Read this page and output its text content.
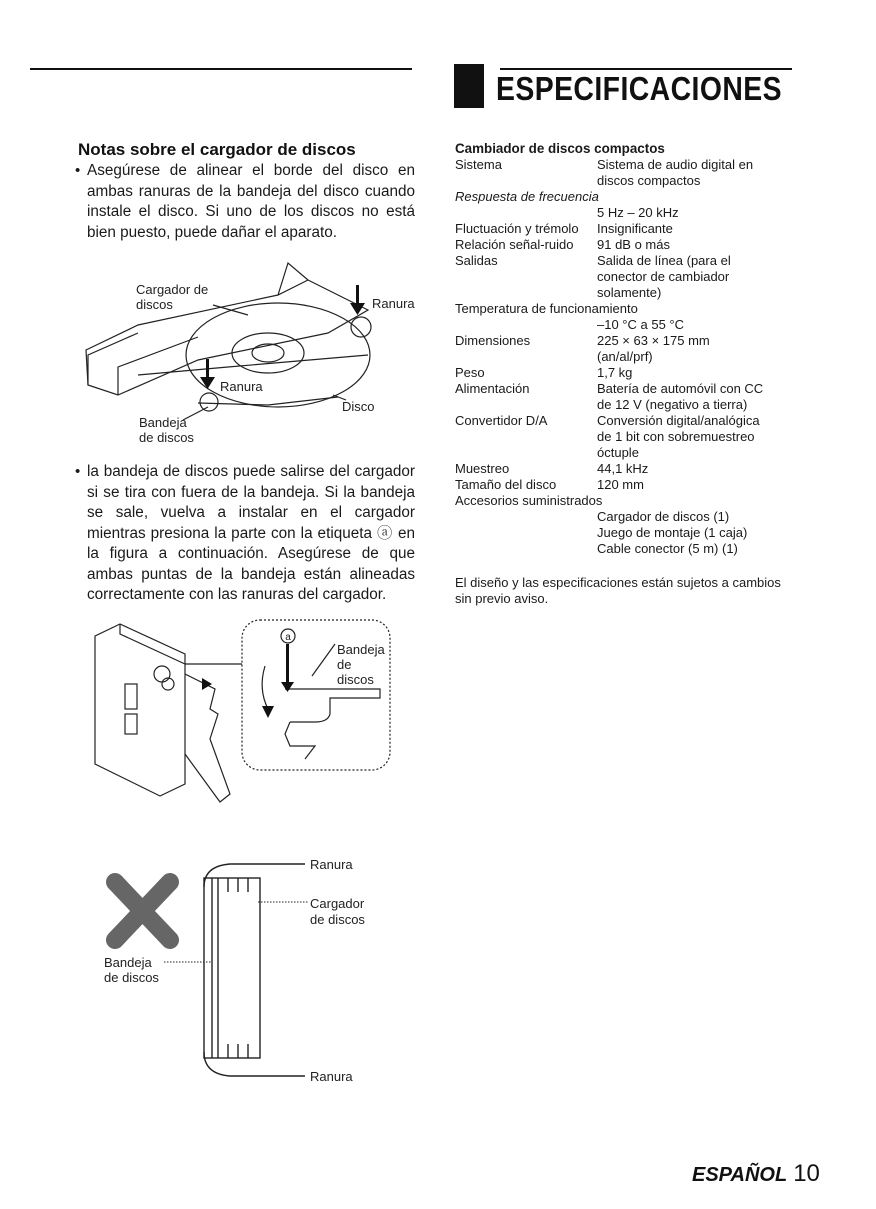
ESPECIFICACIONES
Notas sobre el cargador de discos
• Asegúrese de alinear el borde del disco en ambas ranuras de la bandeja del disco cuando instale el disco. Si uno de los discos no está bien puesto, puede dañar el aparato.
Cargador de
discos	Ranura
Ranura
Bandeja
de discos
Disco
• la bandeja de discos puede salirse del cargador si se tira con fuera de la bandeja. Si la bandeja se sale, vuelva a instalar en el cargador mientras presiona la parte con la etiqueta ⓐ en la figura a continuación. Asegúrese de que ambas puntas de la bandeja están alineadas correctamente con las ranuras del cargador.
a
Bandeja
de
discos
Ranura
Cargador
de discos
Bandeja
de discos
Ranura
Cambiador de discos compactos
Sistema	Sistema de audio digital en
discos compactos
Respuesta de frecuencia
5 Hz – 20 kHz
Fluctuación y trémolo	Insignificante
Relación señal-ruido	91 dB o más
Salidas	Salida de línea (para el
conector de cambiador
solamente)
Temperatura de funcionamiento
–10 °C a 55 °C
Dimensiones	225 × 63 × 175 mm
(an/al/prf)
Peso	1,7 kg
Alimentación	Batería de automóvil con CC
de 12 V (negativo a tierra)
Convertidor D/A	Conversión digital/analógica
de 1 bit con sobremuestreo
óctuple
Muestreo	44,1 kHz
Tamaño del disco	120 mm
Accesorios suministrados
Cargador de discos (1)
Juego de montaje (1 caja)
Cable conector (5 m) (1)
El diseño y las especificaciones están sujetos a cambios sin previo aviso.
ESPAÑOL 10
